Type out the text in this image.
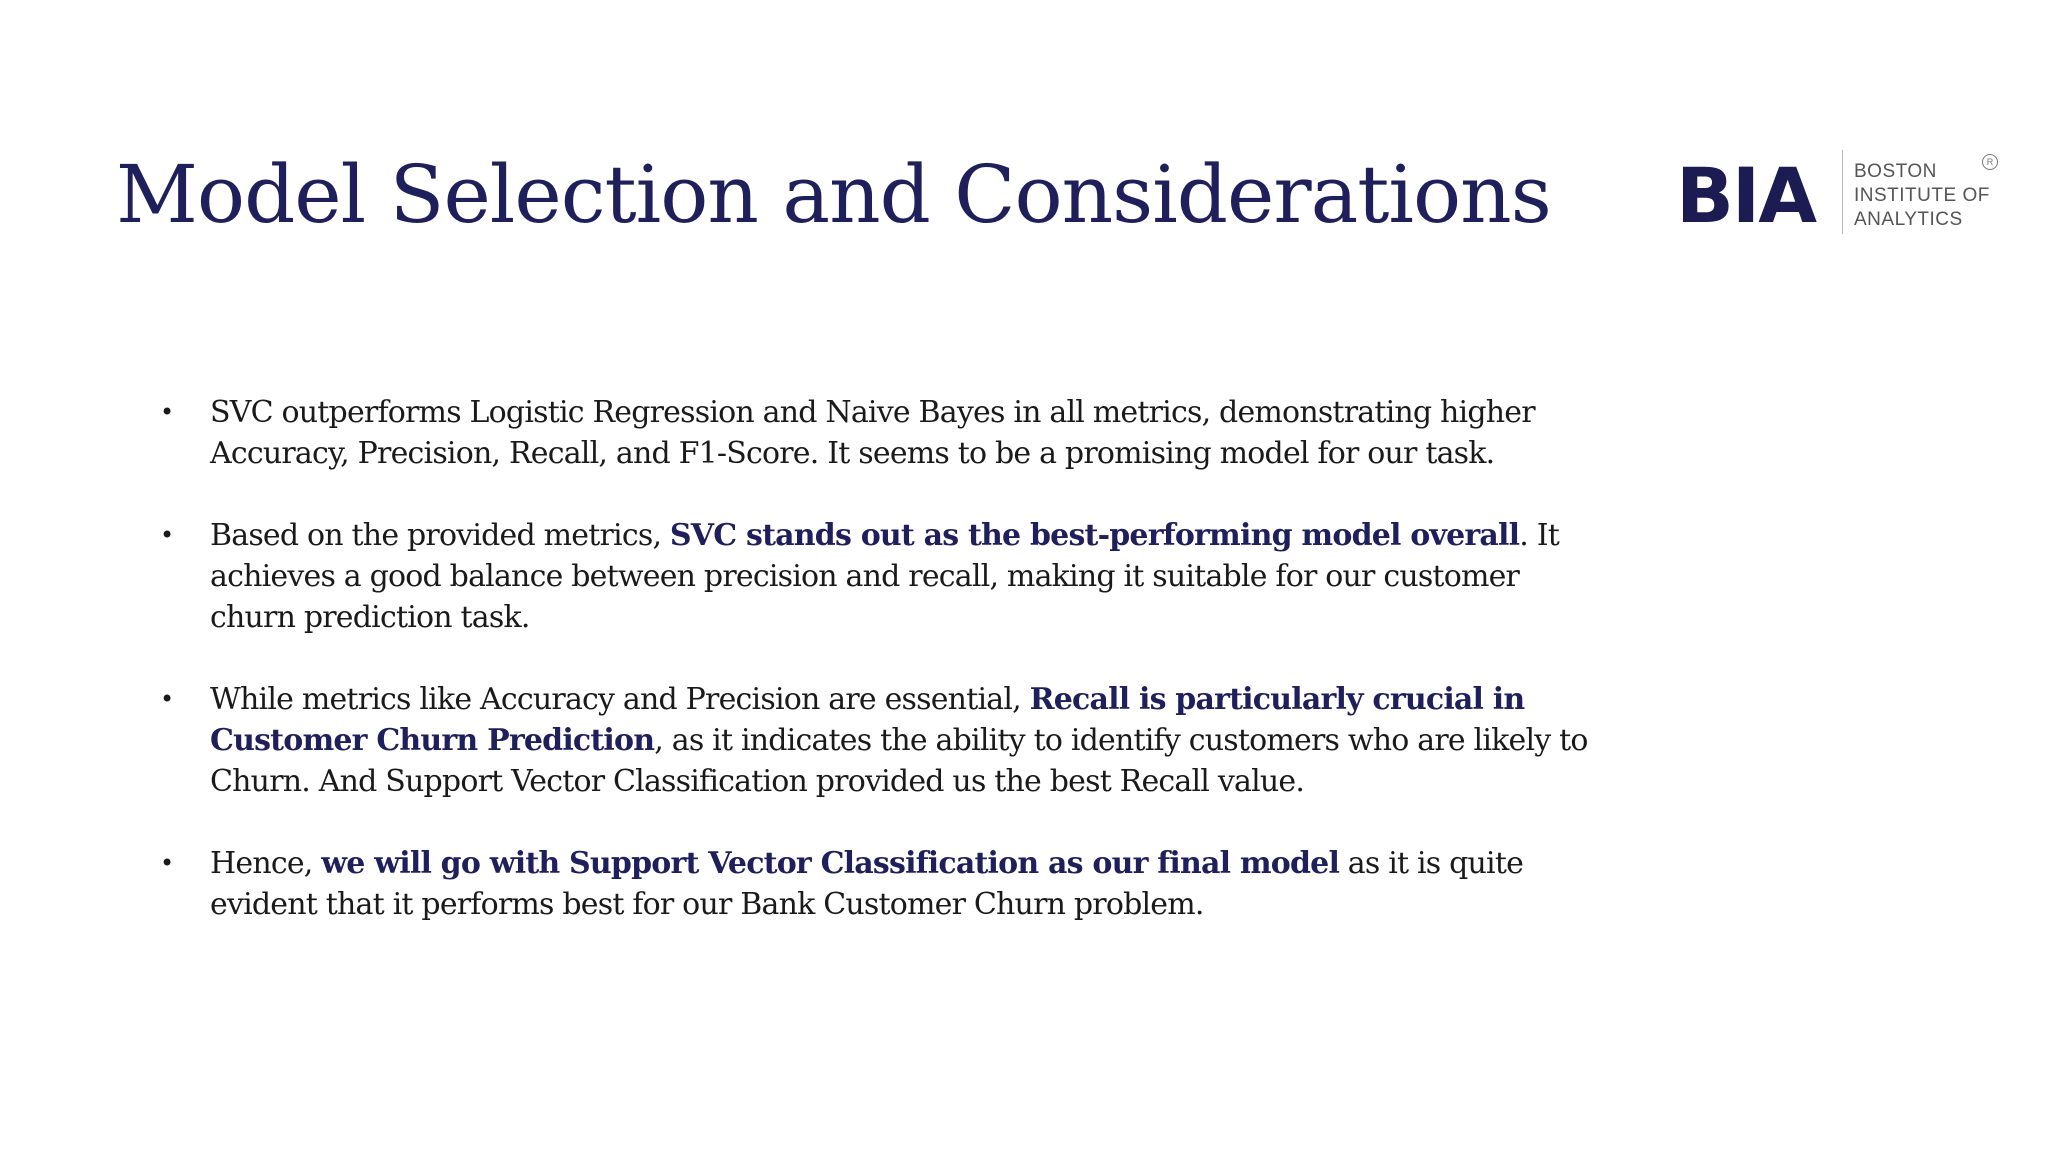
Model Selection and Considerations BIA BOSTON
INSTITUTE OF
ANALYTICS
R
• SVC outperforms Logistic Regression and Naive Bayes in all metrics, demonstrating higher Accuracy, Precision, Recall, and F1-Score. It seems to be a promising model for our task.
• Based on the provided metrics, SVC stands out as the best-performing model overall. It achieves a good balance between precision and recall, making it suitable for our customer churn prediction task.
• While metrics like Accuracy and Precision are essential, Recall is particularly crucial in Customer Churn Prediction, as it indicates the ability to identify customers who are likely to Churn. And Support Vector Classification provided us the best Recall value.
• Hence, we will go with Support Vector Classification as our final model as it is quite evident that it performs best for our Bank Customer Churn problem.
